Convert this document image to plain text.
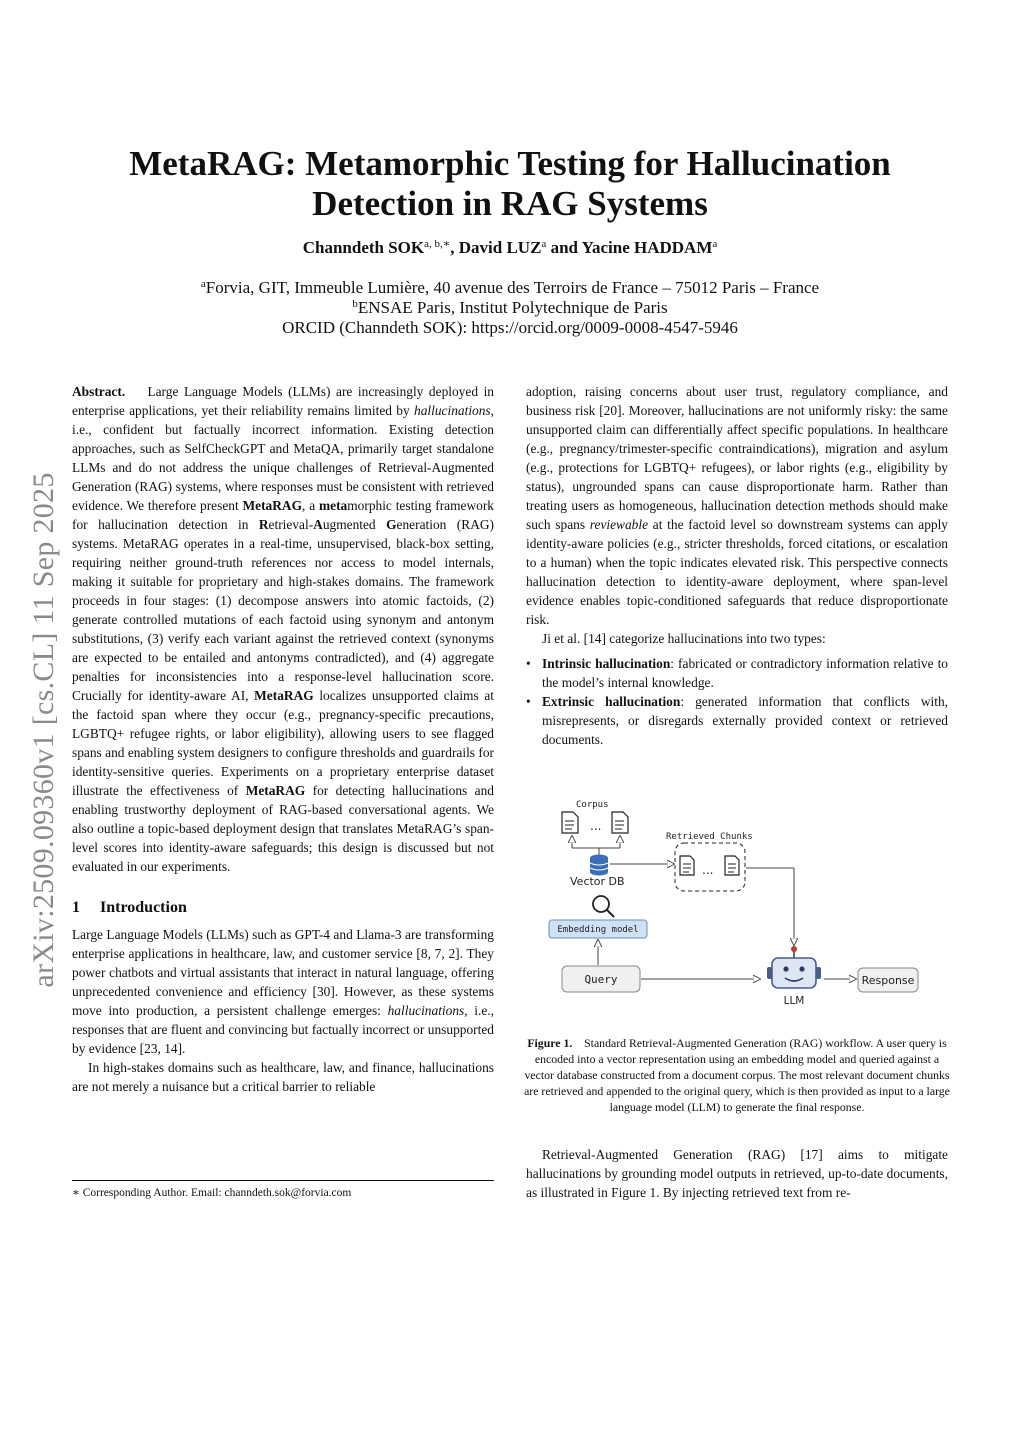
arXiv:2509.09360v1 [cs.CL] 11 Sep 2025
MetaRAG: Metamorphic Testing for Hallucination
Detection in RAG Systems
Channdeth $SOK^{a, b,∗}$, David LUZ$^a$ and Yacine HADDAM$^a$
$^a$Forvia, GIT, Immeuble Lumière, 40 avenue des Terroirs de France – 75012 Paris – France
$^b$ENSAE Paris, Institut Polytechnique de Paris
ORCID (Channdeth SOK): https://orcid.org/0009-0008-4547-5946

Abstract. Large Language Models (LLMs) are increasingly deployed in enterprise applications, yet their reliability remains limited by hallucinations, i.e., confident but factually incorrect information. Existing detection approaches, such as SelfCheckGPT and MetaQA, primarily target standalone LLMs and do not address the unique challenges of Retrieval-Augmented Generation (RAG) systems, where responses must be consistent with retrieved evidence. We therefore present MetaRAG, a metamorphic testing framework for hallucination detection in Retrieval-Augmented Generation (RAG) systems. MetaRAG operates in a real-time, unsupervised, black-box setting, requiring neither ground-truth references nor access to model internals, making it suitable for proprietary and high-stakes domains. The framework proceeds in four stages: (1) decompose answers into atomic factoids, (2) generate controlled mutations of each factoid using synonym and antonym substitutions, (3) verify each variant against the retrieved context (synonyms are expected to be entailed and antonyms contradicted), and (4) aggregate penalties for inconsistencies into a response-level hallucination score. Crucially for identity-aware AI, MetaRAG localizes unsupported claims at the factoid span where they occur (e.g., pregnancy-specific precautions, LGBTQ+ refugee rights, or labor eligibility), allowing users to see flagged spans and enabling system designers to configure thresholds and guardrails for identity-sensitive queries. Experiments on a proprietary enterprise dataset illustrate the effectiveness of MetaRAG for detecting hallucinations and enabling trustworthy deployment of RAG-based conversational agents. We also outline a topic-based deployment design that translates MetaRAG’s span-level scores into identity-aware safeguards; this design is discussed but not evaluated in our experiments.

1 Introduction

Large Language Models (LLMs) such as GPT-4 and Llama-3 are transforming enterprise applications in healthcare, law, and customer service [8, 7, 2]. They power chatbots and virtual assistants that interact in natural language, offering unprecedented convenience and efficiency [30]. However, as these systems move into production, a persistent challenge emerges: hallucinations, i.e., responses that are fluent and convincing but factually incorrect or unsupported by evidence [23, 14].

In high-stakes domains such as healthcare, law, and finance, hallucinations are not merely a nuisance but a critical barrier to reliable

∗ Corresponding Author. Email: channdeth.sok@forvia.com

adoption, raising concerns about user trust, regulatory compliance, and business risk [20]. Moreover, hallucinations are not uniformly risky: the same unsupported claim can differentially affect specific populations. In healthcare (e.g., pregnancy/trimester-specific contraindications), migration and asylum (e.g., protections for LGBTQ+ refugees), or labor rights (e.g., eligibility by status), ungrounded spans can cause disproportionate harm. Rather than treating users as homogeneous, hallucination detection methods should make such spans reviewable at the factoid level so downstream systems can apply identity-aware policies (e.g., stricter thresholds, forced citations, or escalation to a human) when the topic indicates elevated risk. This perspective connects hallucination detection to identity-aware deployment, where span-level evidence enables topic-conditioned safeguards that reduce disproportionate risk.

Ji et al. [14] categorize hallucinations into two types:

• Intrinsic hallucination: fabricated or contradictory information relative to the model’s internal knowledge.
• Extrinsic hallucination: generated information that conflicts with, misrepresents, or disregards externally provided context or retrieved documents.
Corpus
...
Vector DB
Retrieved Chunks
...
Embedding model
Query
LLM
Response
Figure 1. Standard Retrieval-Augmented Generation (RAG) workflow. A user query is encoded into a vector representation using an embedding model and queried against a vector database constructed from a document corpus. The most relevant document chunks are retrieved and appended to the original query, which is then provided as input to a large language model (LLM) to generate the final response.

Retrieval-Augmented Generation (RAG) [17] aims to mitigate hallucinations by grounding model outputs in retrieved, up-to-date documents, as illustrated in Figure 1. By injecting retrieved text from re-
